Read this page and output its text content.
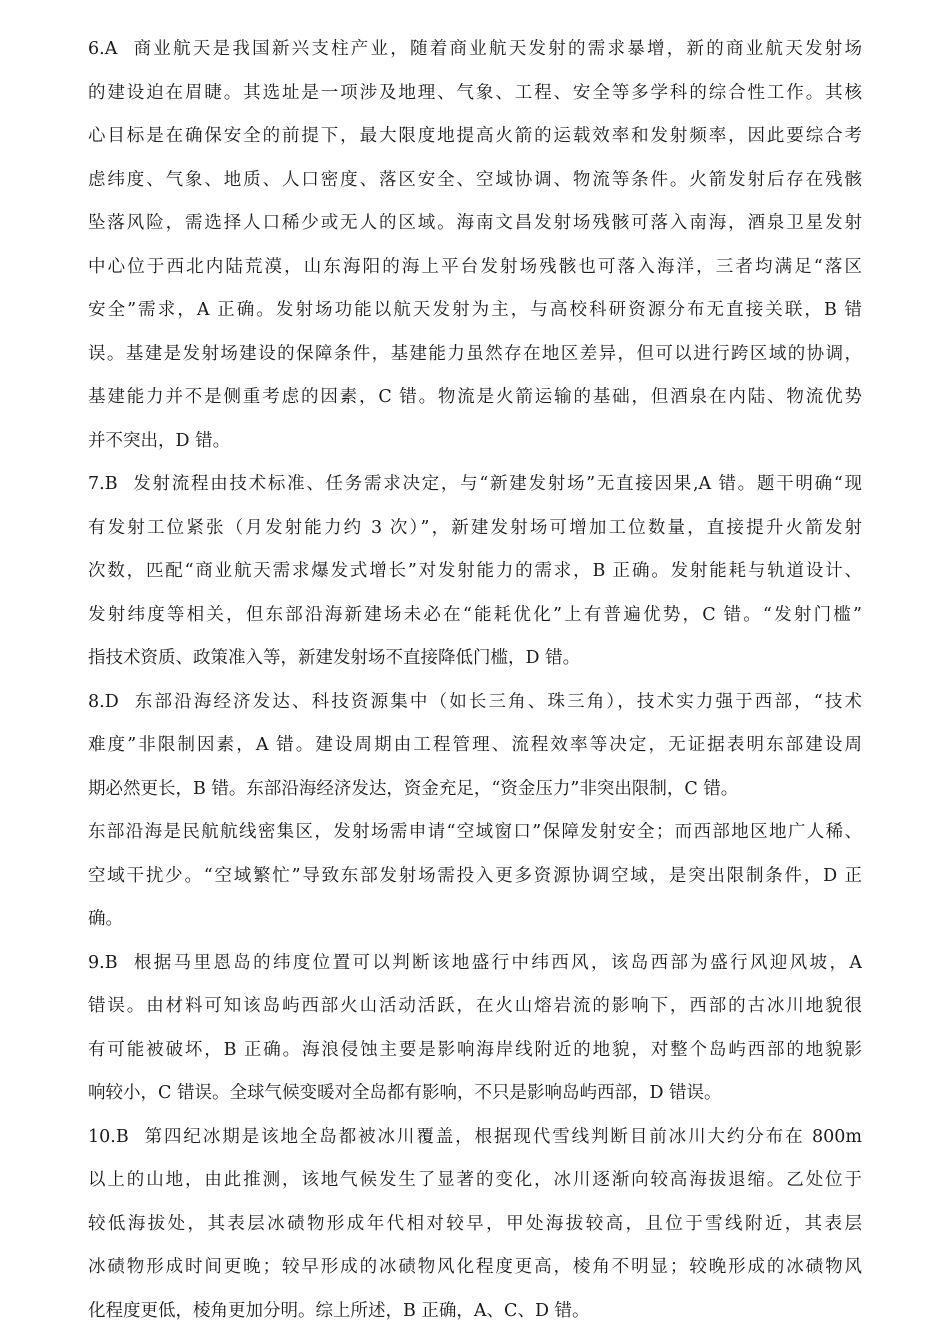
6.A 商业航天是我国新兴支柱产业，随着商业航天发射的需求暴增，新的商业航天发射场
的建设迫在眉睫。其选址是一项涉及地理、气象、工程、安全等多学科的综合性工作。其核
心目标是在确保安全的前提下，最大限度地提高火箭的运载效率和发射频率，因此要综合考
虑纬度、气象、地质、人口密度、落区安全、空域协调、物流等条件。火箭发射后存在残骸
坠落风险，需选择人口稀少或无人的区域。海南文昌发射场残骸可落入南海，酒泉卫星发射
中心位于西北内陆荒漠，山东海阳的海上平台发射场残骸也可落入海洋，三者均满足“落区
安全”需求，A 正确。发射场功能以航天发射为主，与高校科研资源分布无直接关联，B 错
误。基建是发射场建设的保障条件，基建能力虽然存在地区差异，但可以进行跨区域的协调，
基建能力并不是侧重考虑的因素，C 错。物流是火箭运输的基础，但酒泉在内陆、物流优势
并不突出，D 错。
7.B 发射流程由技术标准、任务需求决定，与“新建发射场”无直接因果,A 错。题干明确“现
有发射工位紧张（月发射能力约 3 次）”，新建发射场可增加工位数量，直接提升火箭发射
次数，匹配“商业航天需求爆发式增长”对发射能力的需求，B 正确。发射能耗与轨道设计、
发射纬度等相关，但东部沿海新建场未必在“能耗优化”上有普遍优势，C 错。“发射门槛”
指技术资质、政策准入等，新建发射场不直接降低门槛，D 错。
8.D 东部沿海经济发达、科技资源集中（如长三角、珠三角），技术实力强于西部，“技术
难度”非限制因素，A 错。建设周期由工程管理、流程效率等决定，无证据表明东部建设周
期必然更长，B 错。东部沿海经济发达，资金充足，“资金压力”非突出限制，C 错。
东部沿海是民航航线密集区，发射场需申请“空域窗口”保障发射安全；而西部地区地广人稀、
空域干扰少。“空域繁忙”导致东部发射场需投入更多资源协调空域，是突出限制条件，D 正
确。
9.B 根据马里恩岛的纬度位置可以判断该地盛行中纬西风，该岛西部为盛行风迎风坡，A
错误。由材料可知该岛屿西部火山活动活跃，在火山熔岩流的影响下，西部的古冰川地貌很
有可能被破坏，B 正确。海浪侵蚀主要是影响海岸线附近的地貌，对整个岛屿西部的地貌影
响较小，C 错误。全球气候变暖对全岛都有影响，不只是影响岛屿西部，D 错误。
10.B 第四纪冰期是该地全岛都被冰川覆盖，根据现代雪线判断目前冰川大约分布在 800m
以上的山地，由此推测，该地气候发生了显著的变化，冰川逐渐向较高海拔退缩。乙处位于
较低海拔处，其表层冰碛物形成年代相对较早，甲处海拔较高，且位于雪线附近，其表层
冰碛物形成时间更晚；较早形成的冰碛物风化程度更高，棱角不明显；较晚形成的冰碛物风
化程度更低，棱角更加分明。综上所述，B 正确，A、C、D 错。
